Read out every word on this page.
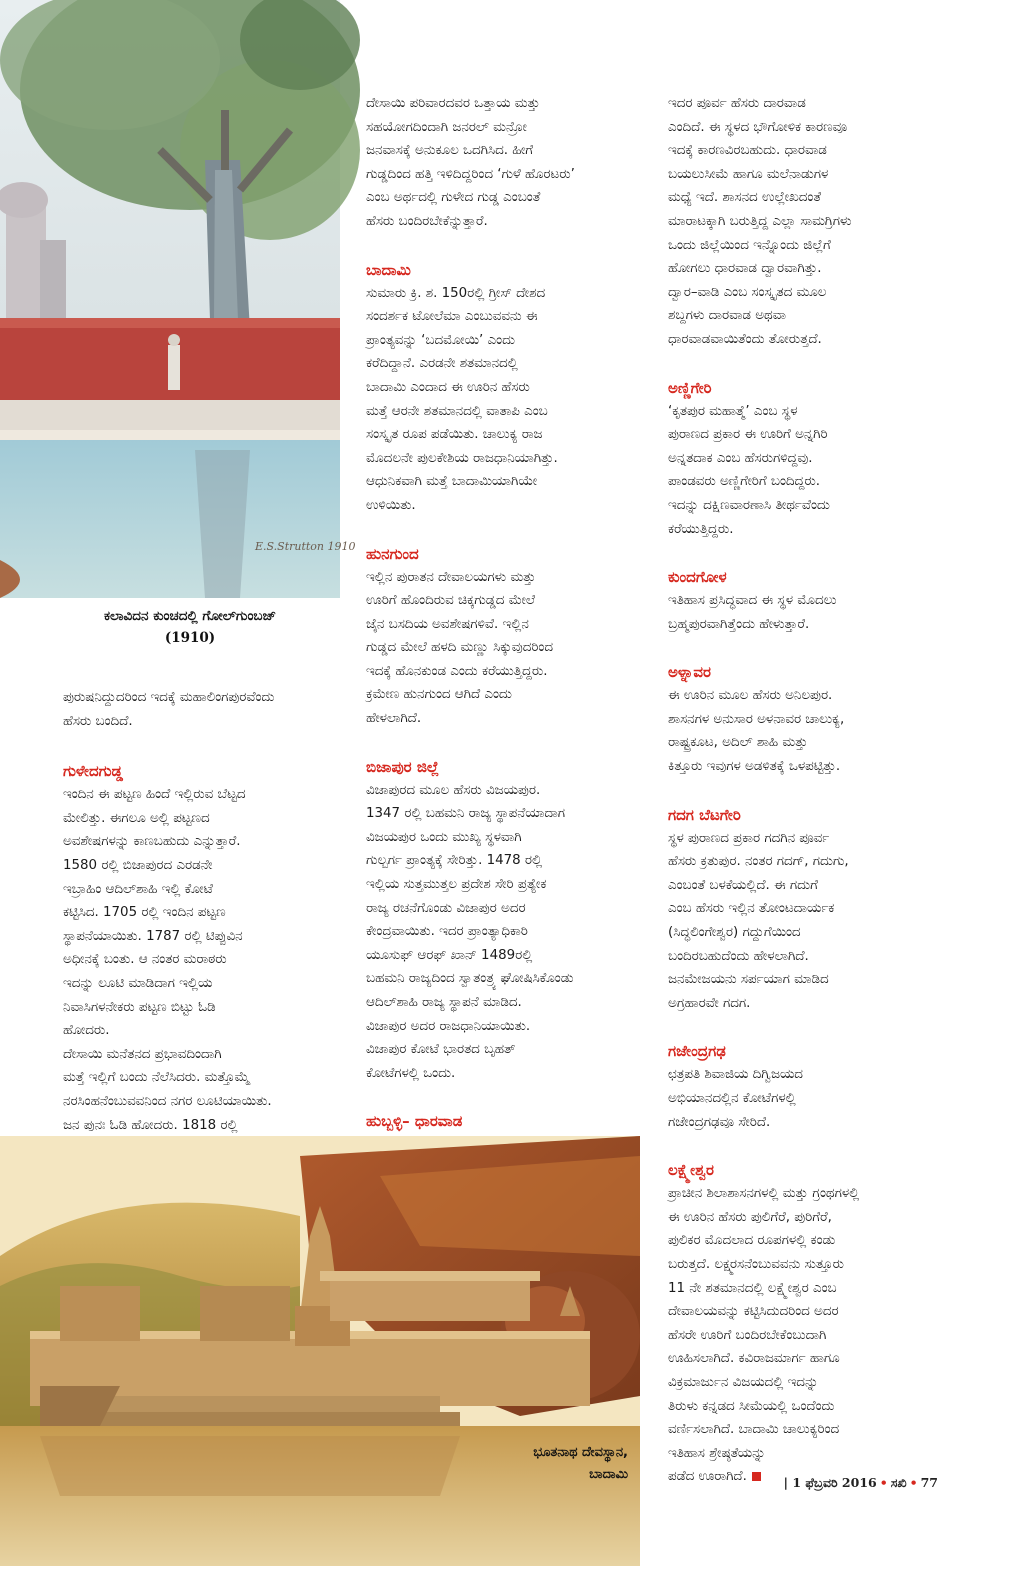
E.S.Strutton 1910
ಕಲಾವಿದನ ಕುಂಚದಲ್ಲಿ ಗೋಲ್‌ಗುಂಬಜ್
(1910)

ಪುರುಷನಿದ್ದುದರಿಂದ ಇದಕ್ಕೆ ಮಹಾಲಿಂಗಪುರವೆಂದು
ಹೆಸರು ಬಂದಿದೆ.

ಗುಳೇದಗುಡ್ಡ

ಇಂದಿನ ಈ ಪಟ್ಟಣ ಹಿಂದೆ ಇಲ್ಲಿರುವ ಬೆಟ್ಟದ
ಮೇಲಿತ್ತು. ಈಗಲೂ ಅಲ್ಲಿ ಪಟ್ಟಣದ
ಅವಶೇಷಗಳನ್ನು ಕಾಣಬಹುದು ಎನ್ನುತ್ತಾರೆ.
1580 ರಲ್ಲಿ ಬಿಜಾಪುರದ ಎರಡನೇ
ಇಬ್ರಾಹಿಂ ಆದಿಲ್‌ಶಾಹಿ ಇಲ್ಲಿ ಕೋಟೆ
ಕಟ್ಟಿಸಿದ. 1705 ರಲ್ಲಿ ಇಂದಿನ ಪಟ್ಟಣ
ಸ್ಥಾಪನೆಯಾಯಿತು. 1787 ರಲ್ಲಿ ಟಿಪ್ಪುವಿನ
ಅಧೀನಕ್ಕೆ ಬಂತು. ಆ ನಂತರ ಮರಾಠರು
ಇದನ್ನು ಲೂಟಿ ಮಾಡಿದಾಗ ಇಲ್ಲಿಯ
ನಿವಾಸಿಗಳನೇಕರು ಪಟ್ಟಣ ಬಿಟ್ಟು ಓಡಿ
ಹೋದರು.
ದೇಸಾಯಿ ಮನೆತನದ ಪ್ರಭಾವದಿಂದಾಗಿ
ಮತ್ತೆ ಇಲ್ಲಿಗೆ ಬಂದು ನೆಲೆಸಿದರು. ಮತ್ತೊಮ್ಮೆ
ನರಸಿಂಹನೆಂಬುವವನಿಂದ ನಗರ ಲೂಟಿಯಾಯಿತು.
ಜನ ಪುನಃ ಓಡಿ ಹೋದರು. 1818 ರಲ್ಲಿ

ದೇಸಾಯಿ ಪರಿವಾರದವರ ಒತ್ತಾಯ ಮತ್ತು
ಸಹಯೋಗದಿಂದಾಗಿ ಜನರಲ್ ಮನ್ರೋ
ಜನವಾಸಕ್ಕೆ ಅನುಕೂಲ ಒದಗಿಸಿದ. ಹೀಗೆ
ಗುಡ್ಡದಿಂದ ಹತ್ತಿ ಇಳಿದಿದ್ದರಿಂದ ‘ಗುಳೆ ಹೊರಟರು’
ಎಂಬ ಅರ್ಥದಲ್ಲಿ ಗುಳೇದ ಗುಡ್ಡ ಎಂಬಂತೆ
ಹೆಸರು ಬಂದಿರಬೇಕೆನ್ನುತ್ತಾರೆ.

ಬಾದಾಮಿ

ಸುಮಾರು ಕ್ರಿ. ಶ. 150ರಲ್ಲಿ ಗ್ರೀಸ್ ದೇಶದ
ಸಂದರ್ಶಕ ಟೋಲೆಮಾ ಎಂಬುವವನು ಈ
ಪ್ರಾಂತ್ಯವನ್ನು ‘ಬದಮೋಯಿ’ ಎಂದು
ಕರೆದಿದ್ದಾನೆ. ಎರಡನೇ ಶತಮಾನದಲ್ಲಿ
ಬಾದಾಮಿ ಎಂದಾದ ಈ ಊರಿನ ಹೆಸರು
ಮತ್ತೆ ಆರನೇ ಶತಮಾನದಲ್ಲಿ ವಾತಾಪಿ ಎಂಬ
ಸಂಸ್ಕೃತ ರೂಪ ಪಡೆಯಿತು. ಚಾಲುಕ್ಯ ರಾಜ
ಮೊದಲನೇ ಪುಲಕೇಶಿಯ ರಾಜಧಾನಿಯಾಗಿತ್ತು.
ಆಧುನಿಕವಾಗಿ ಮತ್ತೆ ಬಾದಾಮಿಯಾಗಿಯೇ
ಉಳಿಯಿತು.

ಹುನಗುಂದ

ಇಲ್ಲಿನ ಪುರಾತನ ದೇವಾಲಯಗಳು ಮತ್ತು
ಊರಿಗೆ ಹೊಂದಿರುವ ಚಿಕ್ಕಗುಡ್ಡದ ಮೇಲೆ
ಜೈನ ಬಸದಿಯ ಅವಶೇಷಗಳಿವೆ. ಇಲ್ಲಿನ
ಗುಡ್ಡದ ಮೇಲೆ ಹಳದಿ ಮಣ್ಣು ಸಿಕ್ಕುವುದರಿಂದ
ಇದಕ್ಕೆ ಹೊನಕುಂಡ ಎಂದು ಕರೆಯುತ್ತಿದ್ದರು.
ಕ್ರಮೇಣ ಹುನಗುಂದ ಆಗಿದೆ ಎಂದು
ಹೇಳಲಾಗಿದೆ.

ಬಿಜಾಪುರ ಜಿಲ್ಲೆ

ವಿಜಾಪುರದ ಮೂಲ ಹೆಸರು ವಿಜಯಪುರ.
1347 ರಲ್ಲಿ ಬಹಮನಿ ರಾಜ್ಯ ಸ್ಥಾಪನೆಯಾದಾಗ
ವಿಜಯಪುರ ಒಂದು ಮುಖ್ಯ ಸ್ಥಳವಾಗಿ
ಗುಲ್ಬರ್ಗ ಪ್ರಾಂತ್ಯಕ್ಕೆ ಸೇರಿತ್ತು. 1478 ರಲ್ಲಿ
ಇಲ್ಲಿಯ ಸುತ್ತಮುತ್ತಲ ಪ್ರದೇಶ ಸೇರಿ ಪ್ರತ್ಯೇಕ
ರಾಜ್ಯ ರಚನೆಗೊಂಡು ವಿಜಾಪುರ ಅದರ
ಕೇಂದ್ರವಾಯಿತು. ಇದರ ಪ್ರಾಂತ್ಯಾಧಿಕಾರಿ
ಯೂಸುಫ್ ಆರಫ್ ಖಾನ್ 1489ರಲ್ಲಿ
ಬಹಮನಿ ರಾಜ್ಯದಿಂದ ಸ್ವಾತಂತ್ರ್ಯ ಘೋಷಿಸಿಕೊಂಡು
ಆದಿಲ್‌ಶಾಹಿ ರಾಜ್ಯ ಸ್ಥಾಪನೆ ಮಾಡಿದ.
ವಿಜಾಪುರ ಅದರ ರಾಜಧಾನಿಯಾಯಿತು.
ವಿಜಾಪುರ ಕೋಟೆ ಭಾರತದ ಬೃಹತ್
ಕೋಟೆಗಳಲ್ಲಿ ಒಂದು.

ಹುಬ್ಬಳ್ಳಿ– ಧಾರವಾಡ

ಇದರ ಪೂರ್ವ ಹೆಸರು ದಾರವಾಡ
ಎಂದಿದೆ. ಈ ಸ್ಥಳದ ಭೌಗೋಳಿಕ ಕಾರಣವೂ
ಇದಕ್ಕೆ ಕಾರಣವಿರಬಹುದು. ಧಾರವಾಡ
ಬಯಲುಸೀಮೆ ಹಾಗೂ ಮಲೆನಾಡುಗಳ
ಮಧ್ಯೆ ಇದೆ. ಶಾಸನದ ಉಲ್ಲೇಖದಂತೆ
ಮಾರಾಟಕ್ಕಾಗಿ ಬರುತ್ತಿದ್ದ ಎಲ್ಲಾ ಸಾಮಗ್ರಿಗಳು
ಒಂದು ಜಿಲ್ಲೆಯಿಂದ ಇನ್ನೊಂದು ಜಿಲ್ಲೆಗೆ
ಹೋಗಲು ಧಾರವಾಡ ದ್ವಾರವಾಗಿತ್ತು.
ದ್ವಾರ–ವಾಡಿ ಎಂಬ ಸಂಸ್ಕೃತದ ಮೂಲ
ಶಬ್ದಗಳು ದಾರವಾಡ ಅಥವಾ
ಧಾರವಾಡವಾಯಿತೆಂದು ತೋರುತ್ತದೆ.

ಅಣ್ಣಿಗೇರಿ

‘ಕೃತಪುರ ಮಹಾತ್ಮೆ’ ಎಂಬ ಸ್ಥಳ
ಪುರಾಣದ ಪ್ರಕಾರ ಈ ಊರಿಗೆ ಅನ್ನಗಿರಿ
ಅನ್ನತದಾಕ ಎಂಬ ಹೆಸರುಗಳಿದ್ದವು.
ಪಾಂಡವರು ಅಣ್ಣಿಗೇರಿಗೆ ಬಂದಿದ್ದರು.
ಇದನ್ನು ದಕ್ಷಿಣವಾರಣಾಸಿ ತೀರ್ಥವೆಂದು
ಕರೆಯುತ್ತಿದ್ದರು.

ಕುಂದಗೋಳ

ಇತಿಹಾಸ ಪ್ರಸಿದ್ಧವಾದ ಈ ಸ್ಥಳ ಮೊದಲು
ಬ್ರಹ್ಮಪುರವಾಗಿತ್ತೆಂದು ಹೇಳುತ್ತಾರೆ.

ಅಳ್ನಾವರ

ಈ ಊರಿನ ಮೂಲ ಹೆಸರು ಅನಿಲಪುರ.
ಶಾಸನಗಳ ಅನುಸಾರ ಅಳನಾವರ ಚಾಲುಕ್ಯ,
ರಾಷ್ಟ್ರಕೂಟ, ಅದಿಲ್ ಶಾಹಿ ಮತ್ತು
ಕಿತ್ತೂರು ಇವುಗಳ ಅಡಳಿತಕ್ಕೆ ಒಳಪಟ್ಟಿತ್ತು.

ಗದಗ ಬೆಟಗೇರಿ

ಸ್ಥಳ ಪುರಾಣದ ಪ್ರಕಾರ ಗದಗಿನ ಪೂರ್ವ
ಹೆಸರು ಕ್ರತುಪುರ. ನಂತರ ಗದಗ್, ಗದುಗು,
ಎಂಬಂತೆ ಬಳಕೆಯಲ್ಲಿದೆ. ಈ ಗದುಗೆ
ಎಂಬ ಹೆಸರು ಇಲ್ಲಿನ ತೋಂಟದಾರ್ಯಕ
(ಸಿದ್ಧಲಿಂಗೇಶ್ವರ) ಗದ್ದುಗೆಯಿಂದ
ಬಂದಿರಬಹುದೆಂದು ಹೇಳಲಾಗಿದೆ.
ಜನಮೇಜಯನು ಸರ್ಪಯಾಗ ಮಾಡಿದ
ಅಗ್ರಹಾರವೇ ಗದಗ.

ಗಜೇಂದ್ರಗಢ

ಛತ್ರಪತಿ ಶಿವಾಜಿಯ ದಿಗ್ವಿಜಯದ
ಅಭಿಯಾನದಲ್ಲಿನ ಕೋಟೆಗಳಲ್ಲಿ
ಗಜೇಂದ್ರಗಢವೂ ಸೇರಿದೆ.

ಲಕ್ಷ್ಮೇಶ್ವರ

ಪ್ರಾಚೀನ ಶಿಲಾಶಾಸನಗಳಲ್ಲಿ ಮತ್ತು ಗ್ರಂಥಗಳಲ್ಲಿ
ಈ ಊರಿನ ಹೆಸರು ಪುಲಿಗೆರೆ, ಪುರಿಗೆರೆ,
ಪುಲಿಕರ ಮೊದಲಾದ ರೂಪಗಳಲ್ಲಿ ಕಂಡು
ಬರುತ್ತದೆ. ಲಕ್ಷ್ಮರಸನೆಂಬುವವನು ಸುತ್ತೂರು
11 ನೇ ಶತಮಾನದಲ್ಲಿ ಲಕ್ಷ್ಮೇಶ್ವರ ಎಂಬ
ದೇವಾಲಯವನ್ನು ಕಟ್ಟಿಸಿದುದರಿಂದ ಅದರ
ಹೆಸರೇ ಊರಿಗೆ ಬಂದಿರಬೇಕೆಂಬುದಾಗಿ
ಊಹಿಸಲಾಗಿದೆ. ಕವಿರಾಜಮಾರ್ಗ ಹಾಗೂ
ವಿಕ್ರಮಾರ್ಜುನ ವಿಜಯದಲ್ಲಿ ಇದನ್ನು
ತಿರುಳು ಕನ್ನಡದ ಸೀಮೆಯಲ್ಲಿ ಒಂದೆಂದು
ವರ್ಣಿಸಲಾಗಿದೆ. ಬಾದಾಮಿ ಚಾಲುಕ್ಯರಿಂದ
ಇತಿಹಾಸ ಶ್ರೇಷ್ಠತೆಯನ್ನು
ಪಡೆದ ಊರಾಗಿದೆ.

ಭೂತನಾಥ ದೇವಸ್ಥಾನ,
ಬಾದಾಮಿ
| 1 ಫೆಬ್ರವರಿ 2016 • ಸಖಿ • 77
